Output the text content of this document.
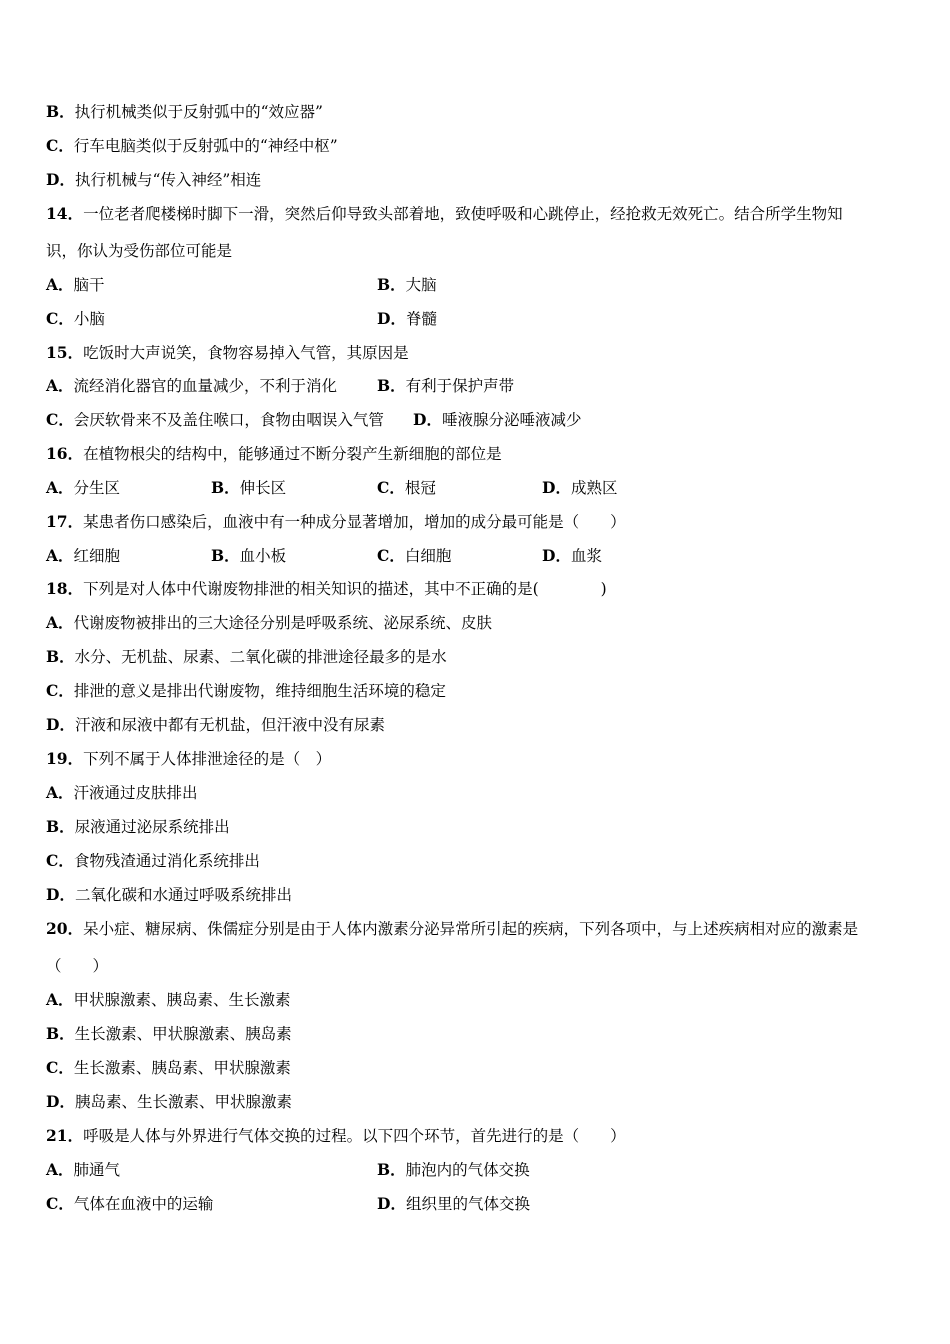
B．执行机械类似于反射弧中的“效应器”
C．行车电脑类似于反射弧中的“神经中枢”
D．执行机械与“传入神经”相连
14．一位老者爬楼梯时脚下一滑，突然后仰导致头部着地，致使呼吸和心跳停止，经抢救无效死亡。结合所学生物知
识，你认为受伤部位可能是
A．脑干	B．大脑
C．小脑	D．脊髓
15．吃饭时大声说笑，食物容易掉入气管，其原因是
A．流经消化器官的血量减少，不利于消化	B．有利于保护声带
C．会厌软骨来不及盖住喉口，食物由咽误入气管 D．唾液腺分泌唾液减少
16．在植物根尖的结构中，能够通过不断分裂产生新细胞的部位是
A．分生区	B．伸长区	C．根冠	D．成熟区
17．某患者伤口感染后，血液中有一种成分显著增加，增加的成分最可能是（　　）
A．红细胞	B．血小板	C．白细胞	D．血浆
18．下列是对人体中代谢废物排泄的相关知识的描述，其中不正确的是(　　　　)
A．代谢废物被排出的三大途径分别是呼吸系统、泌尿系统、皮肤
B．水分、无机盐、尿素、二氧化碳的排泄途径最多的是水
C．排泄的意义是排出代谢废物，维持细胞生活环境的稳定
D．汗液和尿液中都有无机盐，但汗液中没有尿素
19．下列不属于人体排泄途径的是（　）
A．汗液通过皮肤排出
B．尿液通过泌尿系统排出
C．食物残渣通过消化系统排出
D．二氧化碳和水通过呼吸系统排出
20．呆小症、糖尿病、侏儒症分别是由于人体内激素分泌异常所引起的疾病，下列各项中，与上述疾病相对应的激素是
（　　）
A．甲状腺激素、胰岛素、生长激素
B．生长激素、甲状腺激素、胰岛素
C．生长激素、胰岛素、甲状腺激素
D．胰岛素、生长激素、甲状腺激素
21．呼吸是人体与外界进行气体交换的过程。以下四个环节，首先进行的是（　　）
A．肺通气	B．肺泡内的气体交换
C．气体在血液中的运输	D．组织里的气体交换
